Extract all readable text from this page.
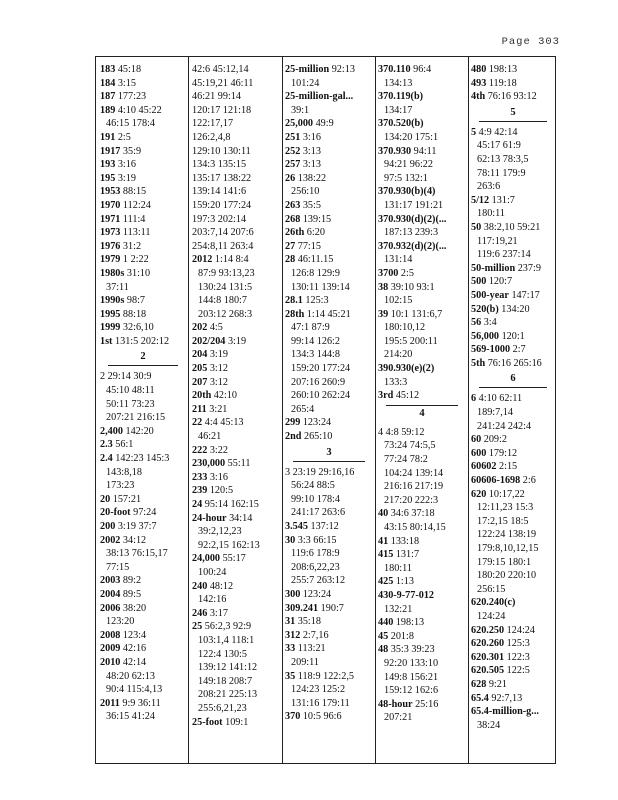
Page 303
183 45:18
184 3:15
187 177:23
189 4:10 45:22
46:15 178:4
191 2:5
1917 35:9
193 3:16
195 3:19
1953 88:15
1970 112:24
1971 111:4
1973 113:11
1976 31:2
1979 1 2:22
1980s 31:10
37:11
1990s 98:7
1995 88:18
1999 32:6,10
1st 131:5 202:12
2
2 29:14 30:9
45:10 48:11
50:11 73:23
207:21 216:15
2,400 142:20
2.3 56:1
2.4 142:23 145:3
143:8,18
173:23
20 157:21
20-foot 97:24
200 3:19 37:7
2002 34:12
38:13 76:15,17
77:15
2003 89:2
2004 89:5
2006 38:20
123:20
2008 123:4
2009 42:16
2010 42:14
48:20 62:13
90:4 115:4,13
2011 9:9 36:11
36:15 41:24
42:6 45:12,14
45:19,21 46:11
46:21 99:14
120:17 121:18
122:17,17
126:2,4,8
129:10 130:11
134:3 135:15
135:17 138:22
139:14 141:6
159:20 177:24
197:3 202:14
203:7,14 207:6
254:8,11 263:4
2012 1:14 8:4
87:9 93:13,23
130:24 131:5
144:8 180:7
203:12 268:3
202 4:5
202/204 3:19
204 3:19
205 3:12
207 3:12
20th 42:10
211 3:21
22 4:4 45:13
46:21
222 3:22
230,000 55:11
233 3:16
239 120:5
24 95:14 162:15
24-hour 34:14
39:2,12,23
92:2,15 162:13
24,000 55:17
100:24
240 48:12
142:16
246 3:17
25 56:2,3 92:9
103:1,4 118:1
122:4 130:5
139:12 141:12
149:18 208:7
208:21 225:13
255:6,21,23
25-foot 109:1
25-million 92:13
101:24
25-million-gal...
39:1
25,000 49:9
251 3:16
252 3:13
257 3:13
26 138:22
256:10
263 35:5
268 139:15
26th 6:20
27 77:15
28 46:11.15
126:8 129:9
130:11 139:14
28.1 125:3
28th 1:14 45:21
47:1 87:9
99:14 126:2
134:3 144:8
159:20 177:24
207:16 260:9
260:10 262:24
265:4
299 123:24
2nd 265:10
3
3 23:19 29:16,16
56:24 88:5
99:10 178:4
241:17 263:6
3.545 137:12
30 3:3 66:15
119:6 178:9
208:6,22,23
255:7 263:12
300 123:24
309.241 190:7
31 35:18
312 2:7,16
33 113:21
209:11
35 118:9 122:2,5
124:23 125:2
131:16 179:11
370 10:5 96:6
370.110 96:4
134:13
370.119(b)
134:17
370.520(b)
134:20 175:1
370.930 94:11
94:21 96:22
97:5 132:1
370.930(b)(4)
131:17 191:21
370.930(d)(2)(...
187:13 239:3
370.932(d)(2)(...
131:14
3700 2:5
38 39:10 93:1
102:15
39 10:1 131:6,7
180:10,12
195:5 200:11
214:20
390.930(e)(2)
133:3
3rd 45:12
4
4 4:8 59:12
73:24 74:5,5
77:24 78:2
104:24 139:14
216:16 217:19
217:20 222:3
40 34:6 37:18
43:15 80:14,15
41 133:18
415 131:7
180:11
425 1:13
430-9-77-012
132:21
440 198:13
45 201:8
48 35:3 39:23
92:20 133:10
149:8 156:21
159:12 162:6
48-hour 25:16
207:21
480 198:13
493 119:18
4th 76:16 93:12
5
5 4:9 42:14
45:17 61:9
62:13 78:3,5
78:11 179:9
263:6
5/12 131:7
180:11
50 38:2,10 59:21
117:19,21
119:6 237:14
50-million 237:9
500 120:7
500-year 147:17
520(b) 134:20
56 3:4
56,000 120:1
569-1000 2:7
5th 76:16 265:16
6
6 4:10 62:11
189:7,14
241:24 242:4
60 209:2
600 179:12
60602 2:15
60606-1698 2:6
620 10:17,22
12:11,23 15:3
17:2,15 18:5
122:24 138:19
179:8,10,12,15
179:15 180:1
180:20 220:10
256:15
620.240(c)
124:24
620.250 124:24
620.260 125:3
620.301 122:3
620.505 122:5
628 9:21
65.4 92:7,13
65.4-million-g...
38:24
